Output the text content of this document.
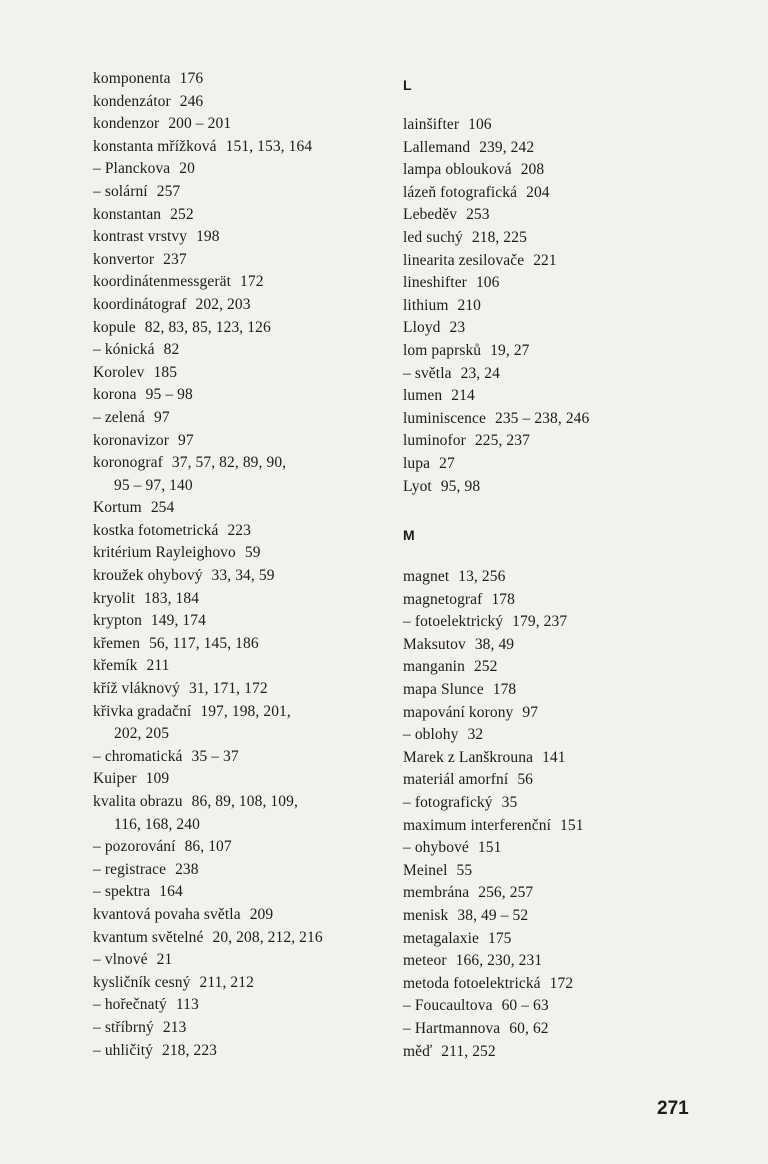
komponenta 176
kondenzátor 246
kondenzor 200 – 201
konstanta mřížková 151, 153, 164
– Planckova 20
– solární 257
konstantan 252
kontrast vrstvy 198
konvertor 237
koordinátenmessgerät 172
koordinátograf 202, 203
kopule 82, 83, 85, 123, 126
– kónická 82
Korolev 185
korona 95 – 98
– zelená 97
koronavizor 97
koronograf 37, 57, 82, 89, 90,
95 – 97, 140
Kortum 254
kostka fotometrická 223
kritérium Rayleighovo 59
kroužek ohybový 33, 34, 59
kryolit 183, 184
krypton 149, 174
křemen 56, 117, 145, 186
křemík 211
kříž vláknový 31, 171, 172
křivka gradační 197, 198, 201,
202, 205
– chromatická 35 – 37
Kuiper 109
kvalita obrazu 86, 89, 108, 109,
116, 168, 240
– pozorování 86, 107
– registrace 238
– spektra 164
kvantová povaha světla 209
kvantum světelné 20, 208, 212, 216
– vlnové 21
kysličník cesný 211, 212
– hořečnatý 113
– stříbrný 213
– uhličitý 218, 223
L
lainšifter 106
Lallemand 239, 242
lampa oblouková 208
lázeň fotografická 204
Lebeděv 253
led suchý 218, 225
linearita zesilovače 221
lineshifter 106
lithium 210
Lloyd 23
lom paprsků 19, 27
– světla 23, 24
lumen 214
luminiscence 235 – 238, 246
luminofor 225, 237
lupa 27
Lyot 95, 98
M
magnet 13, 256
magnetograf 178
– fotoelektrický 179, 237
Maksutov 38, 49
manganin 252
mapa Slunce 178
mapování korony 97
– oblohy 32
Marek z Lanškrouna 141
materiál amorfní 56
– fotografický 35
maximum interferenční 151
– ohybové 151
Meinel 55
membrána 256, 257
menisk 38, 49 – 52
metagalaxie 175
meteor 166, 230, 231
metoda fotoelektrická 172
– Foucaultova 60 – 63
– Hartmannova 60, 62
měď 211, 252
271
